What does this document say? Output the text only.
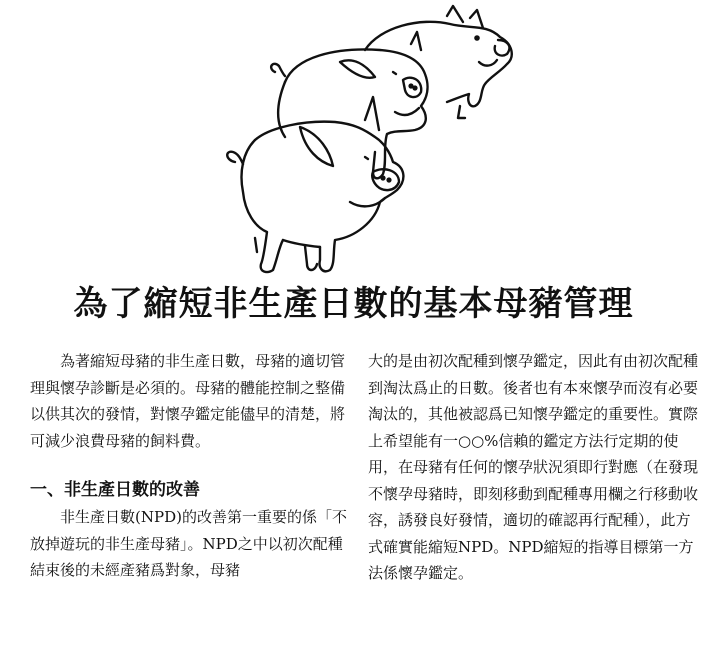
為了縮短非生產日數的基本母豬管理

為著縮短母豬的非生產日數，母豬的適切管理與懷孕診斷是必須的。母豬的體能控制之整備以供其次的發情，對懷孕鑑定能儘早的清楚，將可減少浪費母豬的飼料費。

一、非生產日數的改善

非生產日數(NPD)的改善第一重要的係「不放掉遊玩的非生產母豬」。NPD之中以初次配種結束後的未經產豬爲對象，母豬

大的是由初次配種到懷孕鑑定，因此有由初次配種到淘汰爲止的日數。後者也有本來懷孕而沒有必要淘汰的，其他被認爲已知懷孕鑑定的重要性。實際上希望能有一○○%信賴的鑑定方法行定期的使用，在母豬有任何的懷孕狀況須即行對應（在發現不懷孕母豬時，即刻移動到配種專用欄之行移動收容，誘發良好發情，適切的確認再行配種），此方式確實能縮短NPD。NPD縮短的指導目標第一方法係懷孕鑑定。
